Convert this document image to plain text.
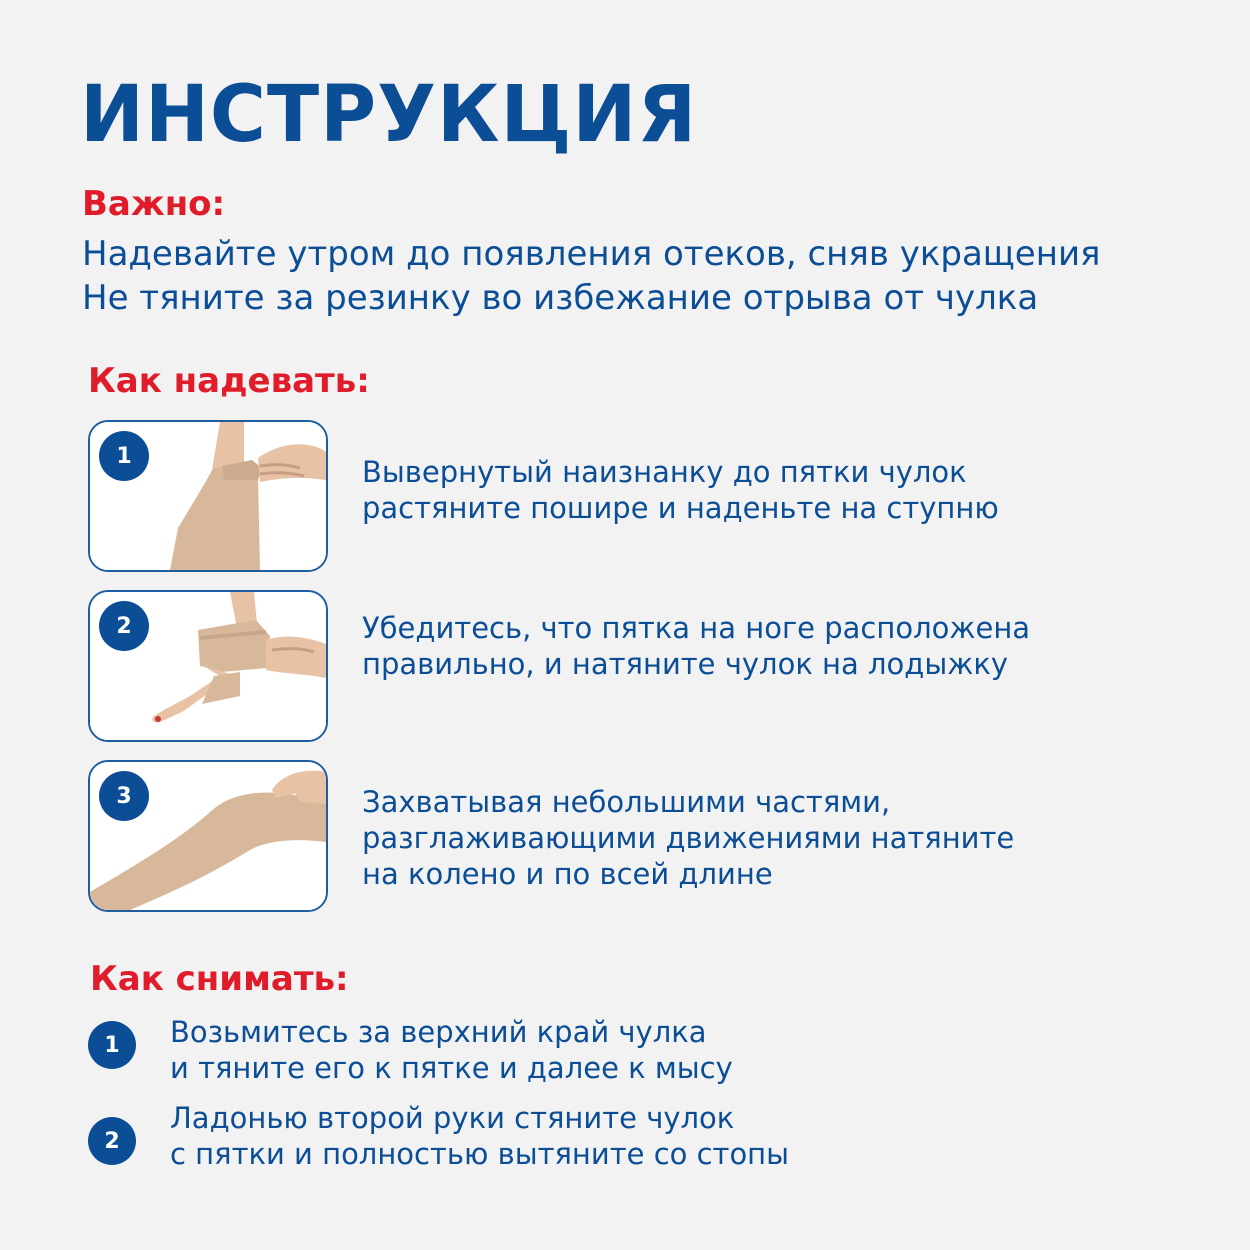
ИНСТРУКЦИЯ
Важно:
Надевайте утром до появления отеков, сняв укращения
Не тяните за резинку во избежание отрыва от чулка
Как надевать:
1	Вывернутый наизнанку до пятки чулок
растяните пошире и наденьте на ступню
2	Убедитесь, что пятка на ноге расположена
правильно, и натяните чулок на лодыжку
3	Захватывая небольшими частями,
разглаживающими движениями натяните
на колено и по всей длине
Как снимать:
1	Возьмитесь за верхний край чулка
и тяните его к пятке и далее к мысу
2
Ладонью второй руки стяните чулок
с пятки и полностью вытяните со стопы
